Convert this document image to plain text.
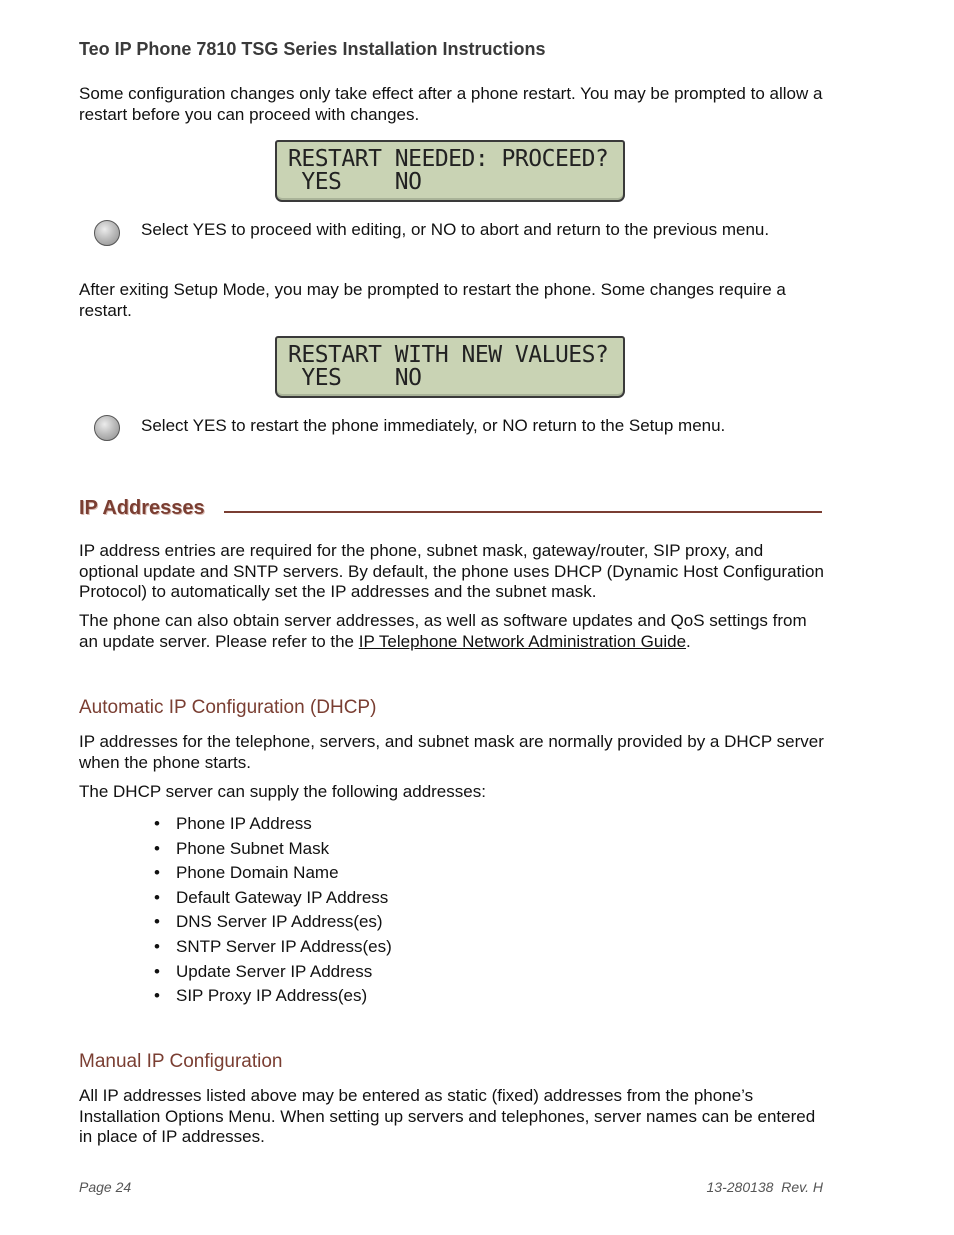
Teo IP Phone 7810 TSG Series Installation Instructions

Some configuration changes only take effect after a phone restart. You may be prompted to allow a restart before you can proceed with changes.

RESTART NEEDED: PROCEED?
YES    NO

Select YES to proceed with editing, or NO to abort and return to the previous menu.

After exiting Setup Mode, you may be prompted to restart the phone. Some changes require a restart.

RESTART WITH NEW VALUES?
YES    NO

Select YES to restart the phone immediately, or NO return to the Setup menu.

IP Addresses

IP address entries are required for the phone, subnet mask, gateway/router, SIP proxy, and optional update and SNTP servers. By default, the phone uses DHCP (Dynamic Host Configuration Protocol) to automatically set the IP addresses and the subnet mask.

The phone can also obtain server addresses, as well as software updates and QoS settings from an update server. Please refer to the IP Telephone Network Administration Guide.

Automatic IP Configuration (DHCP)

IP addresses for the telephone, servers, and subnet mask are normally provided by a DHCP server when the phone starts.

The DHCP server can supply the following addresses:

• Phone IP Address
• Phone Subnet Mask
• Phone Domain Name
• Default Gateway IP Address
• DNS Server IP Address(es)
• SNTP Server IP Address(es)
• Update Server IP Address
• SIP Proxy IP Address(es)
Manual IP Configuration

All IP addresses listed above may be entered as static (fixed) addresses from the phone’s Installation Options Menu. When setting up servers and telephones, server names can be entered in place of IP addresses.

Page 24	13-280138  Rev. H
